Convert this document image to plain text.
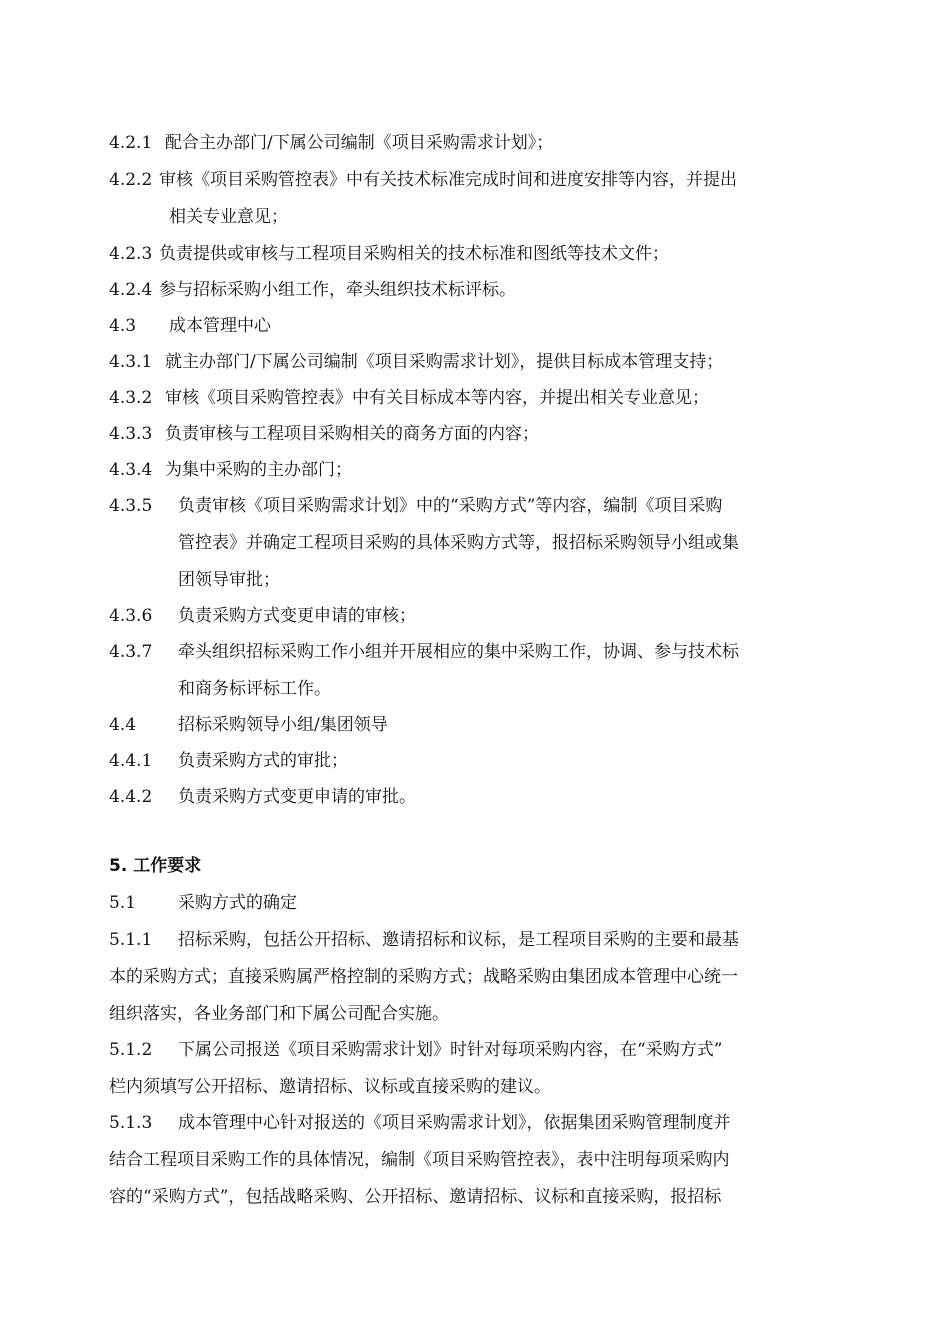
4.2.1 配合主办部门/下属公司编制《项目采购需求计划》；
4.2.2 审核《项目采购管控表》中有关技术标准完成时间和进度安排等内容，并提出
相关专业意见；
4.2.3 负责提供或审核与工程项目采购相关的技术标准和图纸等技术文件；
4.2.4 参与招标采购小组工作，牵头组织技术标评标。
4.3 成本管理中心
4.3.1 就主办部门/下属公司编制《项目采购需求计划》，提供目标成本管理支持；
4.3.2 审核《项目采购管控表》中有关目标成本等内容，并提出相关专业意见；
4.3.3 负责审核与工程项目采购相关的商务方面的内容；
4.3.4 为集中采购的主办部门；
4.3.5 负责审核《项目采购需求计划》中的“采购方式”等内容，编制《项目采购
管控表》并确定工程项目采购的具体采购方式等，报招标采购领导小组或集
团领导审批；
4.3.6 负责采购方式变更申请的审核；
4.3.7 牵头组织招标采购工作小组并开展相应的集中采购工作，协调、参与技术标
和商务标评标工作。
4.4 招标采购领导小组/集团领导
4.4.1 负责采购方式的审批；
4.4.2 负责采购方式变更申请的审批。
5. 工作要求
5.1 采购方式的确定
5.1.1 招标采购，包括公开招标、邀请招标和议标，是工程项目采购的主要和最基
本的采购方式；直接采购属严格控制的采购方式；战略采购由集团成本管理中心统一
组织落实，各业务部门和下属公司配合实施。
5.1.2 下属公司报送《项目采购需求计划》时针对每项采购内容，在“采购方式”
栏内须填写公开招标、邀请招标、议标或直接采购的建议。
5.1.3 成本管理中心针对报送的《项目采购需求计划》，依据集团采购管理制度并
结合工程项目采购工作的具体情况，编制《项目采购管控表》，表中注明每项采购内
容的“采购方式”，包括战略采购、公开招标、邀请招标、议标和直接采购，报招标
